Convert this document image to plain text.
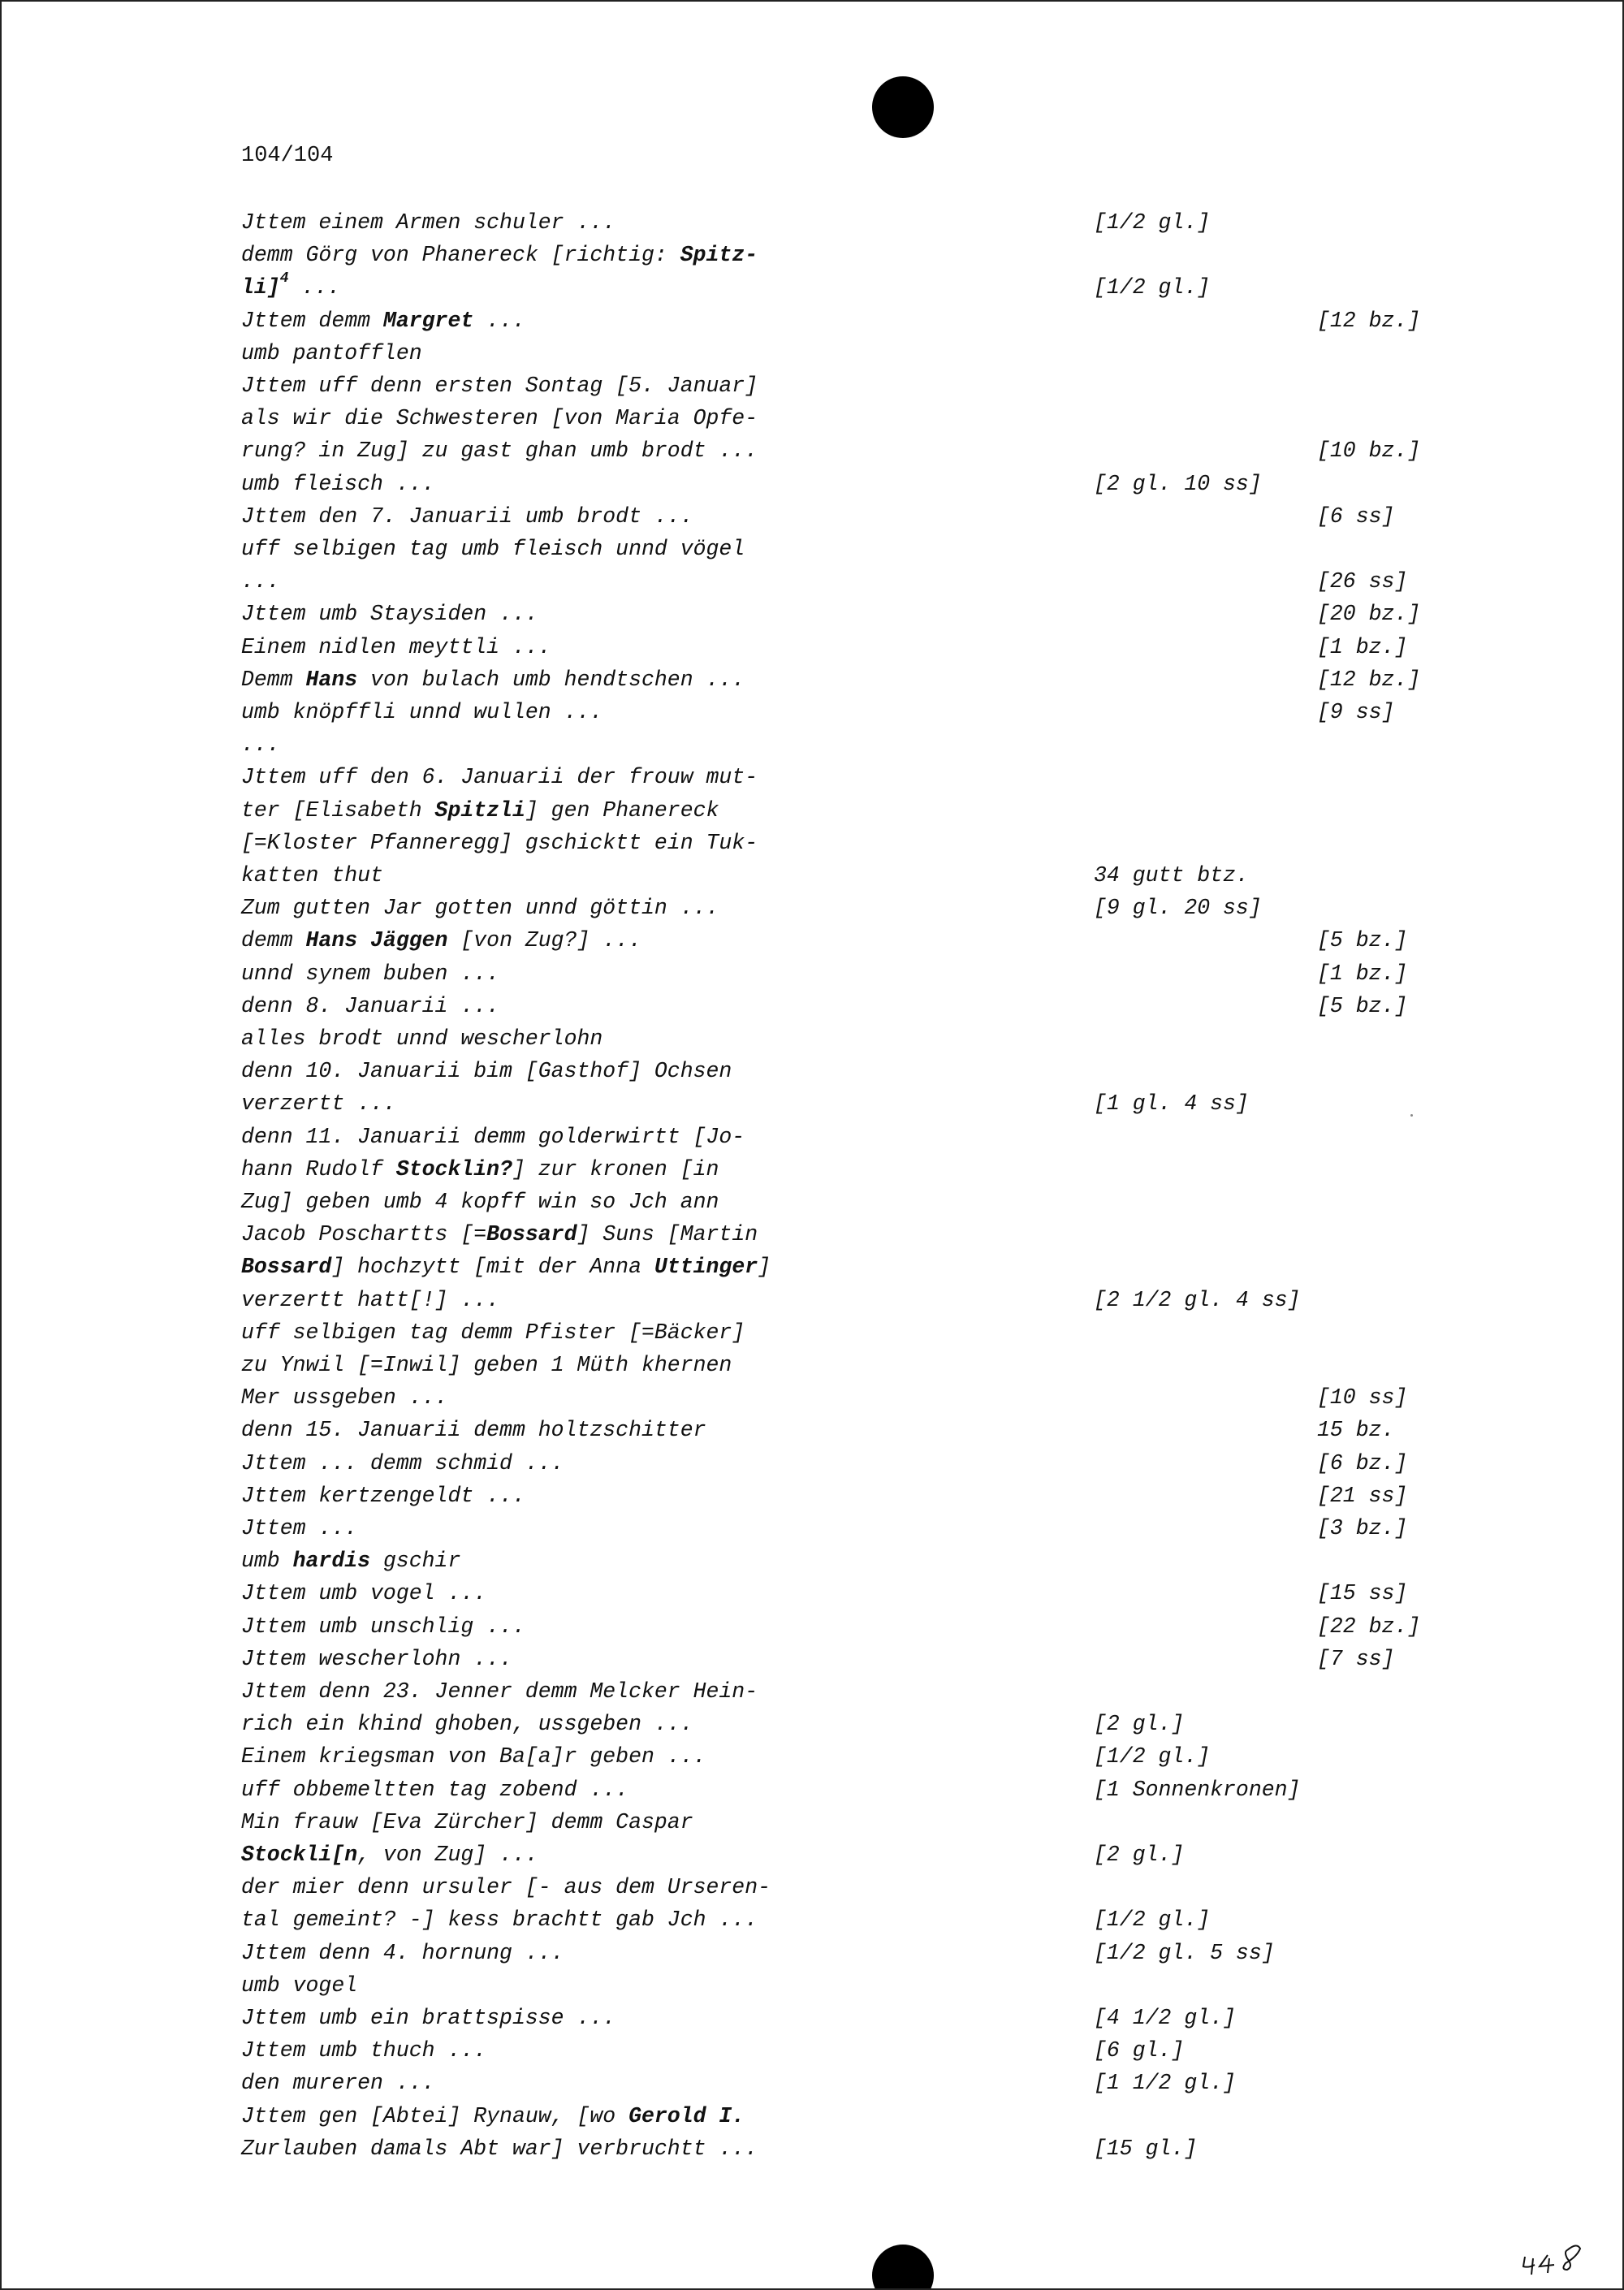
104/104
Jttem einem Armen schuler ...	[1/2 gl.]
demm Görg von Phanereck [richtig: Spitz-
li]$^4$ ...	[1/2 gl.]
Jttem demm Margret ...	[12 bz.]
umb pantofflen
Jttem uff denn ersten Sontag [5. Januar]
als wir die Schwesteren [von Maria Opfe-
rung? in Zug] zu gast ghan umb brodt ...	[10 bz.]
umb fleisch ...	[2 gl. 10 ss]
Jttem den 7. Januarii umb brodt ...	[6 ss]
uff selbigen tag umb fleisch unnd vögel
...	[26 ss]
Jttem umb Staysiden ...	[20 bz.]
Einem nidlen meyttli ...	[1 bz.]
Demm Hans von bulach umb hendtschen ...	[12 bz.]
umb knöpffli unnd wullen ...	[9 ss]
...
Jttem uff den 6. Januarii der frouw mut-
ter [Elisabeth Spitzli] gen Phanereck
[=Kloster Pfanneregg] gschicktt ein Tuk-
katten thut	34 gutt btz.
Zum gutten Jar gotten unnd göttin ...	[9 gl. 20 ss]
demm Hans Jäggen [von Zug?] ...	[5 bz.]
unnd synem buben ...	[1 bz.]
denn 8. Januarii ...	[5 bz.]
alles brodt unnd wescherlohn
denn 10. Januarii bim [Gasthof] Ochsen
verzertt ...	[1 gl. 4 ss]
denn 11. Januarii demm golderwirtt [Jo-
hann Rudolf Stocklin?] zur kronen [in
Zug] geben umb 4 kopff win so Jch ann
Jacob Poschartts [=Bossard] Suns [Martin
Bossard] hochzytt [mit der Anna Uttinger]
verzertt hatt[!] ...	[2 1/2 gl. 4 ss]
uff selbigen tag demm Pfister [=Bäcker]
zu Ynwil [=Inwil] geben 1 Müth khernen
Mer ussgeben ...	[10 ss]
denn 15. Januarii demm holtzschitter	15 bz.
Jttem ... demm schmid ...	[6 bz.]
Jttem kertzengeldt ...	[21 ss]
Jttem ...	[3 bz.]
umb hardis gschir
Jttem umb vogel ...	[15 ss]
Jttem umb unschlig ...	[22 bz.]
Jttem wescherlohn ...	[7 ss]
Jttem denn 23. Jenner demm Melcker Hein-
rich ein khind ghoben, ussgeben ...	[2 gl.]
Einem kriegsman von Ba[a]r geben ...	[1/2 gl.]
uff obbemeltten tag zobend ...	[1 Sonnenkronen]
Min frauw [Eva Zürcher] demm Caspar
Stockli[n, von Zug] ...	[2 gl.]
der mier denn ursuler [- aus dem Urseren-
tal gemeint? -] kess brachtt gab Jch ...	[1/2 gl.]
Jttem denn 4. hornung ...	[1/2 gl. 5 ss]
umb vogel
Jttem umb ein brattspisse ...	[4 1/2 gl.]
Jttem umb thuch ...	[6 gl.]
den mureren ...	[1 1/2 gl.]
Jttem gen [Abtei] Rynauw, [wo Gerold I.
Zurlauben damals Abt war] verbruchtt ...	[15 gl.]
